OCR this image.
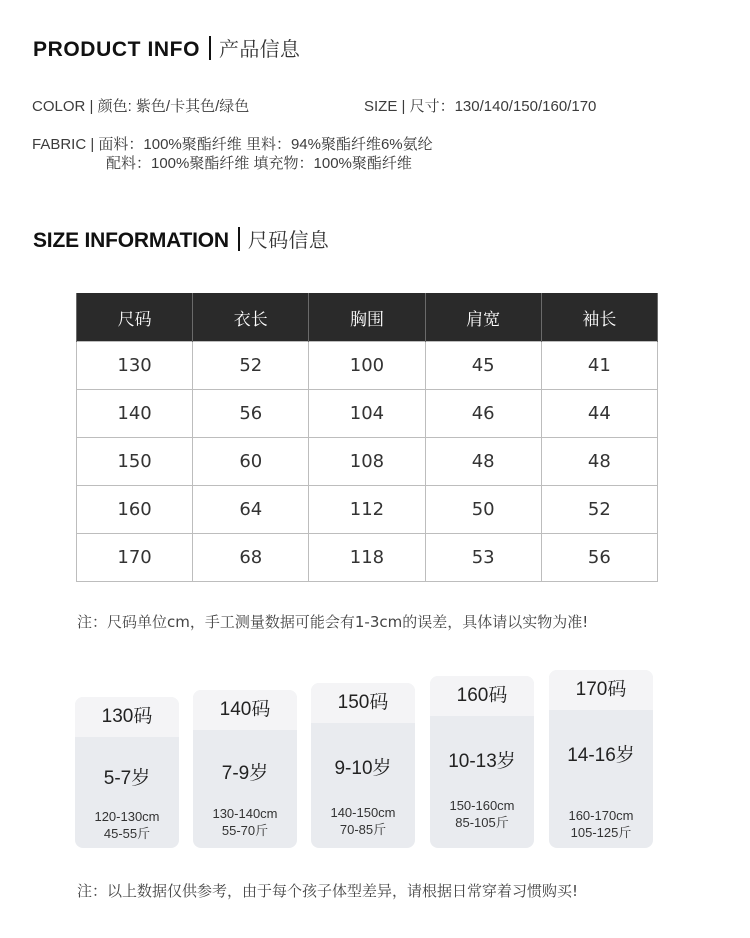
PRODUCT INFO 产品信息
COLOR | 颜色: 紫色/卡其色/绿色	SIZE | 尺寸：130/140/150/160/170
FABRIC | 面料：100%聚酯纤维 里料：94%聚酯纤维6%氨纶
配料：100%聚酯纤维 填充物：100%聚酯纤维
SIZE INFORMATION 尺码信息
尺码	衣长	胸围	肩宽	袖长
130	52	100	45	41
140	56	104	46	44
150	60	108	48	48
160	64	112	50	52
170	68	118	53	56
注：尺码单位cm，手工测量数据可能会有1-3cm的误差，具体请以实物为准!
130码
5-7岁
120-130cm
45-55斤
140码
7-9岁
130-140cm
55-70斤
150码
9-10岁
140-150cm
70-85斤
160码
10-13岁
150-160cm
85-105斤
170码
14-16岁
160-170cm
105-125斤
注：以上数据仅供参考，由于每个孩子体型差异，请根据日常穿着习惯购买!
